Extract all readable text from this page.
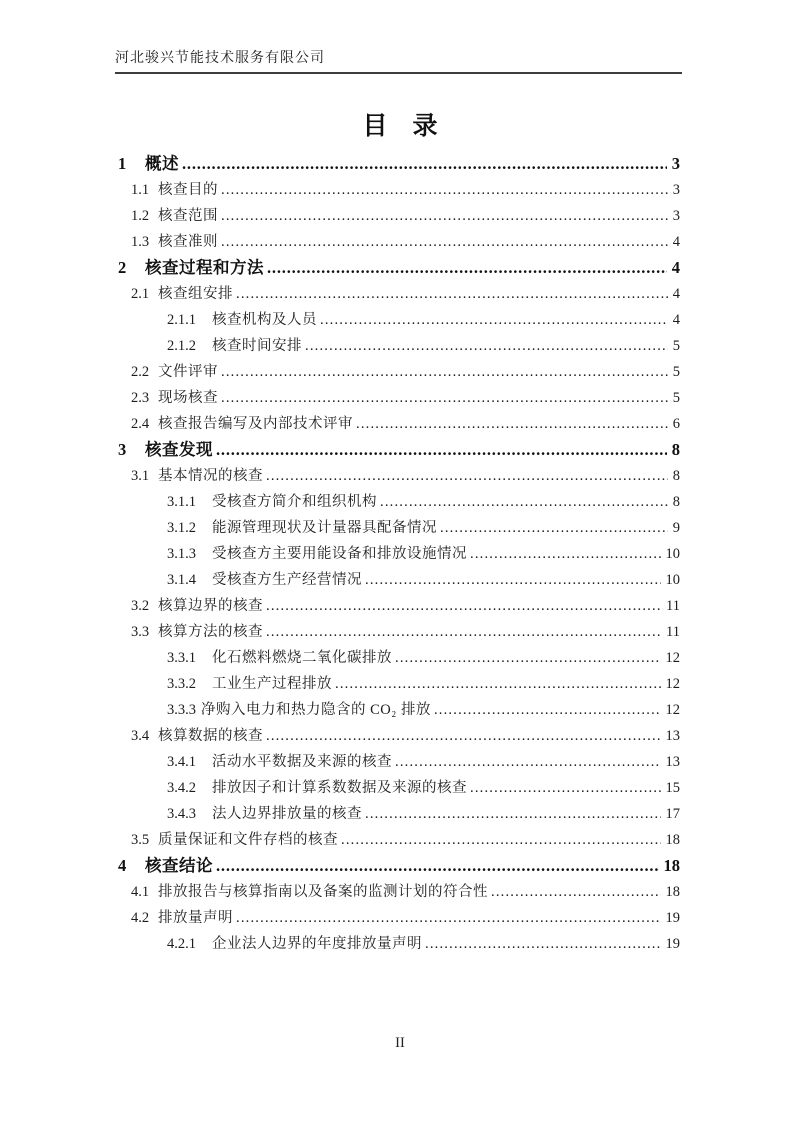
河北骏兴节能技术服务有限公司
目　录
1	概述 .....	3
1.1 核查目的 .....	3
1.2 核查范围 .....	3
1.3 核查准则 .....	4
2	核查过程和方法 .....	4
2.1 核查组安排 .....	4
2.1.1	核查机构及人员 .....	4
2.1.2	核查时间安排 .....	5
2.2 文件评审 .....	5
2.3 现场核查 .....	5
2.4 核查报告编写及内部技术评审 .....	6
3	核查发现 .....	8
3.1 基本情况的核查 .....	8
3.1.1	受核查方简介和组织机构 .....	8
3.1.2	能源管理现状及计量器具配备情况 .....	9
3.1.3	受核查方主要用能设备和排放设施情况 .....	10
3.1.4	受核查方生产经营情况 .....	10
3.2 核算边界的核查 .....	11
3.3 核算方法的核查 .....	11
3.3.1	化石燃料燃烧二氧化碳排放 .....	12
3.3.2	工业生产过程排放 .....	12
3.3.3 净购入电力和热力隐含的 CO₂ 排放 .....	12
3.4 核算数据的核查 .....	13
3.4.1	活动水平数据及来源的核查 .....	13
3.4.2	排放因子和计算系数数据及来源的核查 .....	15
3.4.3	法人边界排放量的核查 .....	17
3.5 质量保证和文件存档的核查 .....	18
4	核查结论 .....	18
4.1 排放报告与核算指南以及备案的监测计划的符合性 .....	18
4.2 排放量声明 .....	19
4.2.1	企业法人边界的年度排放量声明 .....	19
II
